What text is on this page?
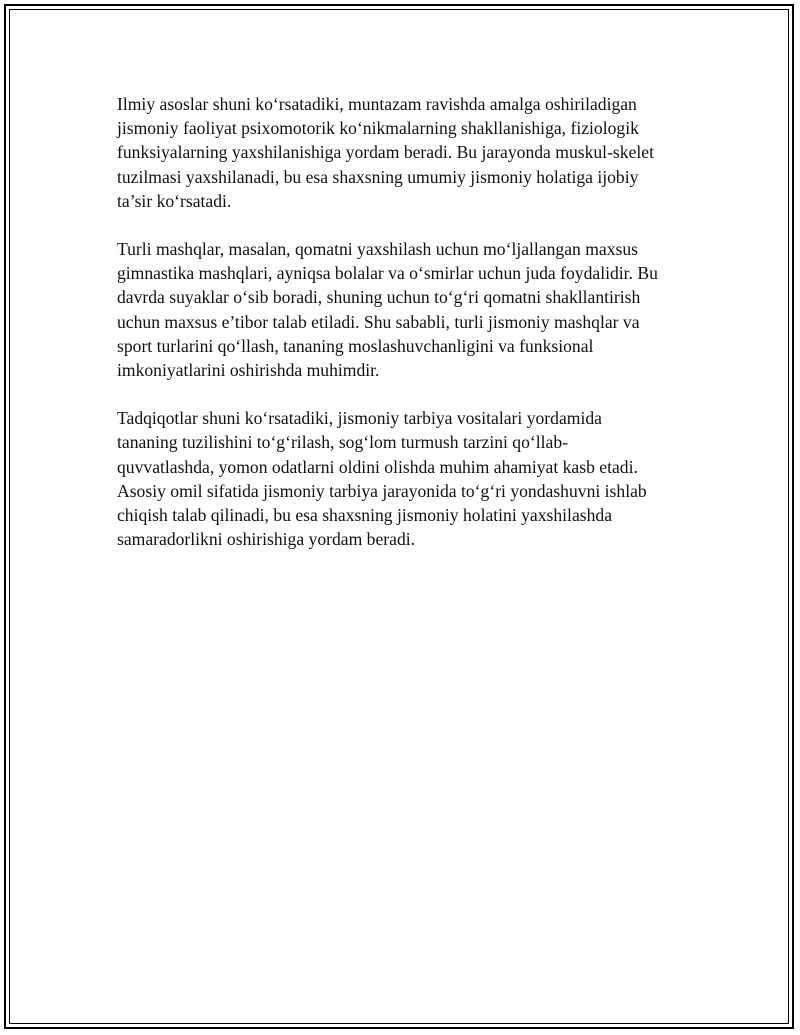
Ilmiy asoslar shuni ko‘rsatadiki, muntazam ravishda amalga oshiriladigan
jismoniy faoliyat psixomotorik ko‘nikmalarning shakllanishiga, fiziologik
funksiyalarning yaxshilanishiga yordam beradi. Bu jarayonda muskul-skelet
tuzilmasi yaxshilanadi, bu esa shaxsning umumiy jismoniy holatiga ijobiy
ta’sir ko‘rsatadi.

Turli mashqlar, masalan, qomatni yaxshilash uchun mo‘ljallangan maxsus
gimnastika mashqlari, ayniqsa bolalar va o‘smirlar uchun juda foydalidir. Bu
davrda suyaklar o‘sib boradi, shuning uchun to‘g‘ri qomatni shakllantirish
uchun maxsus e’tibor talab etiladi. Shu sababli, turli jismoniy mashqlar va
sport turlarini qo‘llash, tananing moslashuvchanligini va funksional
imkoniyatlarini oshirishda muhimdir.

Tadqiqotlar shuni ko‘rsatadiki, jismoniy tarbiya vositalari yordamida
tananing tuzilishini to‘g‘rilash, sog‘lom turmush tarzini qo‘llab-
quvvatlashda, yomon odatlarni oldini olishda muhim ahamiyat kasb etadi.
Asosiy omil sifatida jismoniy tarbiya jarayonida to‘g‘ri yondashuvni ishlab
chiqish talab qilinadi, bu esa shaxsning jismoniy holatini yaxshilashda
samaradorlikni oshirishiga yordam beradi.
